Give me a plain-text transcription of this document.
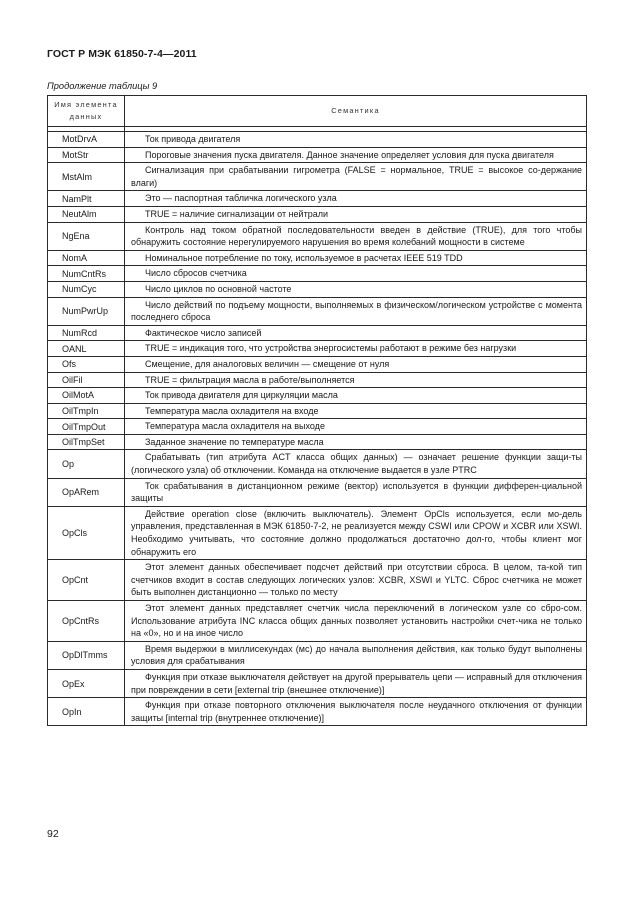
ГОСТ Р МЭК 61850-7-4—2011
Продолжение таблицы 9
Имя элемента данных	Семантика

MotDrvA	Ток привода двигателя

MotStr	Пороговые значения пуска двигателя. Данное значение определяет условия для пуска двигателя

MstAlm	Сигнализация при срабатывании гигрометра (FALSE = нормальное, TRUE = высокое со-держание влаги)

NamPlt	Это — паспортная табличка логического узла

NeutAlm	TRUE = наличие сигнализации от нейтрали

NgEna	Контроль над током обратной последовательности введен в действие (TRUE), для того чтобы обнаружить состояние нерегулируемого нарушения во время колебаний мощности в системе

NomA	Номинальное потребление по току, используемое в расчетах IEEE 519 TDD

NumCntRs	Число сбросов счетчика

NumCyc	Число циклов по основной частоте

NumPwrUp	Число действий по подъему мощности, выполняемых в физическом/логическом устройстве с момента последнего сброса

NumRcd	Фактическое число записей

OANL	TRUE = индикация того, что устройства энергосистемы работают в режиме без нагрузки

Ofs	Смещение, для аналоговых величин — смещение от нуля

OilFil	TRUE = фильтрация масла в работе/выполняется

OilMotA	Ток привода двигателя для циркуляции масла

OilTmpIn	Температура масла охладителя на входе

OilTmpOut	Температура масла охладителя на выходе

OilTmpSet	Заданное значение по температуре масла

Op	Срабатывать (тип атрибута ACT класса общих данных) — означает решение функции защи-ты (логического узла) об отключении. Команда на отключение выдается в узле PTRC

OpARem	Ток срабатывания в дистанционном режиме (вектор) используется в функции дифферен-циальной защиты

OpCls	Действие operation close (включить выключатель). Элемент OpCls используется, если мо-дель управления, представленная в МЭК 61850-7-2, не реализуется между CSWI или CPOW и XCBR или XSWI. Необходимо учитывать, что состояние должно продолжаться достаточно дол-го, чтобы клиент мог обнаружить его

OpCnt	Этот элемент данных обеспечивает подсчет действий при отсутствии сброса. В целом, та-кой тип счетчиков входит в состав следующих логических узлов: XCBR, XSWI и YLTC. Сброс счетчика не может быть выполнен дистанционно — только по месту

OpCntRs	Этот элемент данных представляет счетчик числа переключений в логическом узле со сбро-сом. Использование атрибута INC класса общих данных позволяет установить настройки счет-чика не только на «0», но и на иное число

OpDlTmms	Время выдержки в миллисекундах (мс) до начала выполнения действия, как только будут выполнены условия для срабатывания

OpEx	Функция при отказе выключателя действует на другой прерыватель цепи — исправный для отключения при повреждении в сети [external trip (внешнее отключение)]

OpIn	Функция при отказе повторного отключения выключателя после неудачного отключения от функции защиты [internal trip (внутреннее отключение)]
92
